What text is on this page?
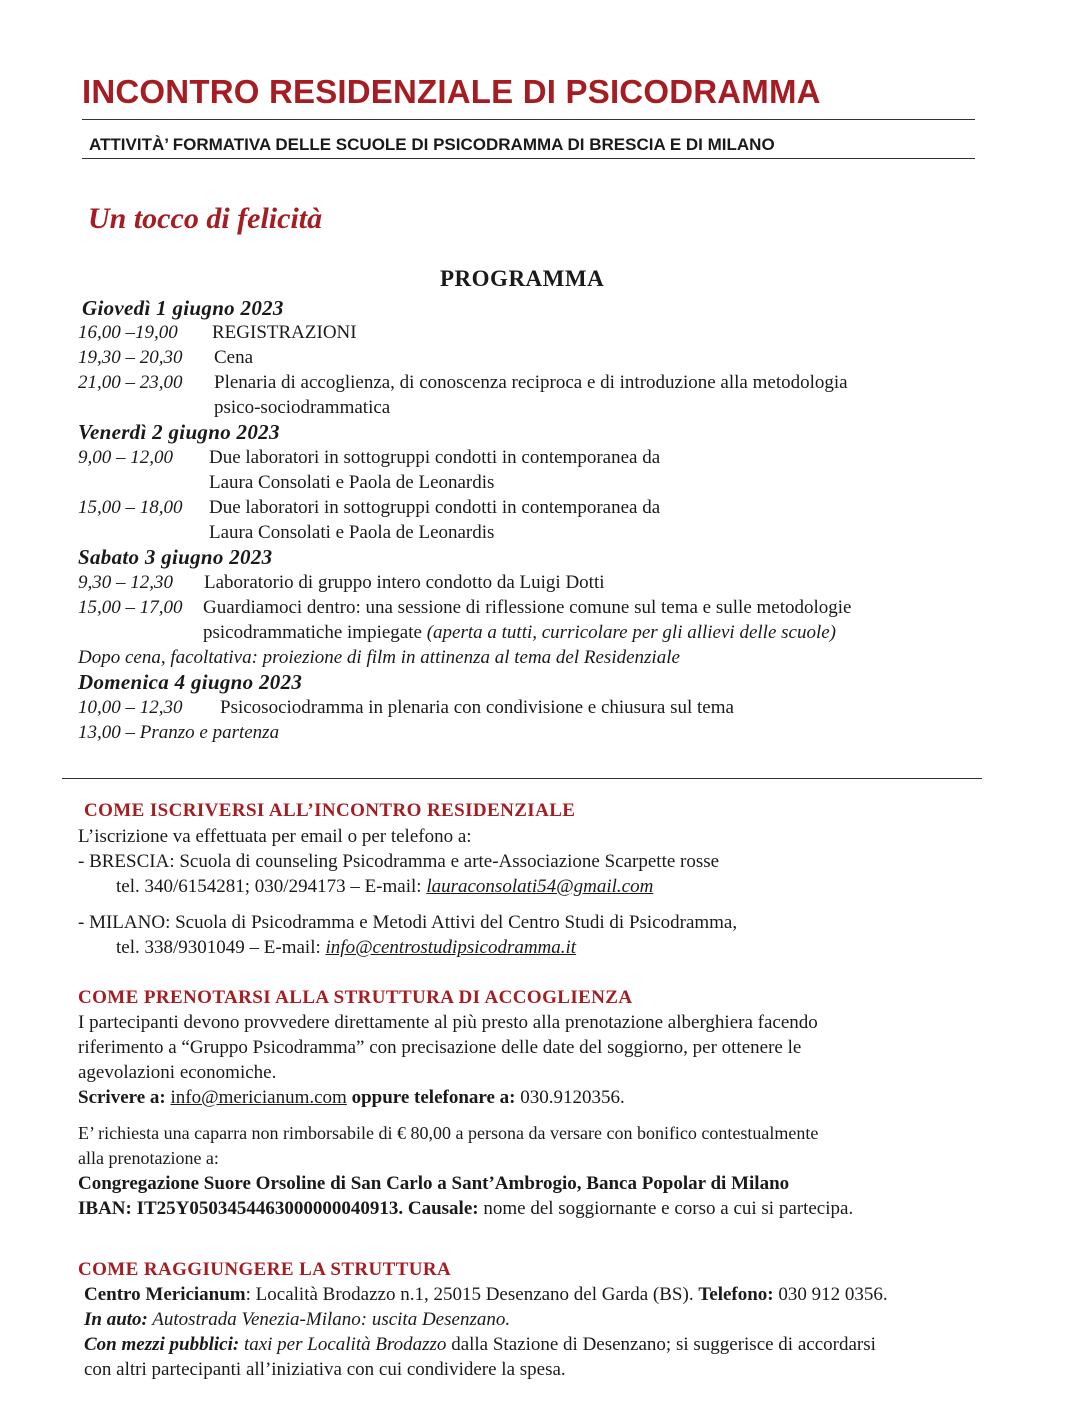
INCONTRO RESIDENZIALE DI PSICODRAMMA
ATTIVITÀ’ FORMATIVA DELLE SCUOLE DI PSICODRAMMA DI BRESCIA E DI MILANO
Un tocco di felicità
PROGRAMMA
Giovedì 1 giugno 2023
16,00 –19,00 REGISTRAZIONI
19,30 – 20,30 Cena
21,00 – 23,00 Plenaria di accoglienza, di conoscenza reciproca e di introduzione alla metodologia
psico-sociodrammatica
Venerdì 2 giugno 2023
9,00 – 12,00 Due laboratori in sottogruppi condotti in contemporanea da
Laura Consolati e Paola de Leonardis
15,00 – 18,00 Due laboratori in sottogruppi condotti in contemporanea da
Laura Consolati e Paola de Leonardis
Sabato 3 giugno 2023
9,30 – 12,30 Laboratorio di gruppo intero condotto da Luigi Dotti
15,00 – 17,00 Guardiamoci dentro: una sessione di riflessione comune sul tema e sulle metodologie
psicodrammatiche impiegate (aperta a tutti, curricolare per gli allievi delle scuole)
Dopo cena, facoltativa: proiezione di film in attinenza al tema del Residenziale
Domenica 4 giugno 2023
10,00 – 12,30 Psicosociodramma in plenaria con condivisione e chiusura sul tema
13,00 – Pranzo e partenza
COME ISCRIVERSI ALL’INCONTRO RESIDENZIALE
L’iscrizione va effettuata per email o per telefono a:
- BRESCIA: Scuola di counseling Psicodramma e arte-Associazione Scarpette rosse
tel. 340/6154281; 030/294173 – E-mail: lauraconsolati54@gmail.com
- MILANO: Scuola di Psicodramma e Metodi Attivi del Centro Studi di Psicodramma,
tel. 338/9301049 – E-mail: info@centrostudipsicodramma.it
COME PRENOTARSI ALLA STRUTTURA DI ACCOGLIENZA
I partecipanti devono provvedere direttamente al più presto alla prenotazione alberghiera facendo
riferimento a “Gruppo Psicodramma” con precisazione delle date del soggiorno, per ottenere le
agevolazioni economiche.
Scrivere a: info@mericianum.com oppure telefonare a: 030.9120356.
E’ richiesta una caparra non rimborsabile di € 80,00 a persona da versare con bonifico contestualmente
alla prenotazione a:
Congregazione Suore Orsoline di San Carlo a Sant’Ambrogio, Banca Popolar di Milano
IBAN: IT25Y0503454463000000040913. Causale: nome del soggiornante e corso a cui si partecipa.
COME RAGGIUNGERE LA STRUTTURA
Centro Mericianum: Località Brodazzo n.1, 25015 Desenzano del Garda (BS). Telefono: 030 912 0356.
In auto: Autostrada Venezia-Milano: uscita Desenzano.
Con mezzi pubblici: taxi per Località Brodazzo dalla Stazione di Desenzano; si suggerisce di accordarsi
con altri partecipanti all’iniziativa con cui condividere la spesa.
